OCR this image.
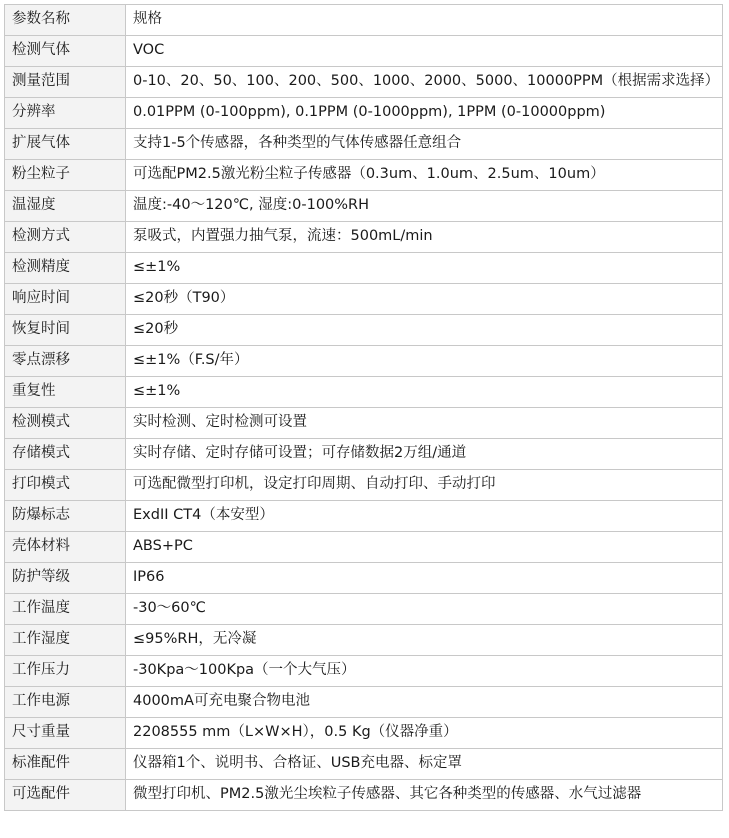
参数名称	规格
检测气体	VOC
测量范围	0-10、20、50、100、200、500、1000、2000、5000、10000PPM（根据需求选择）
分辨率	0.01PPM (0-100ppm), 0.1PPM (0-1000ppm), 1PPM (0-10000ppm)
扩展气体	支持1-5个传感器，各种类型的气体传感器任意组合
粉尘粒子	可选配PM2.5激光粉尘粒子传感器（0.3um、1.0um、2.5um、10um）
温湿度	温度:-40～120℃, 湿度:0-100%RH
检测方式	泵吸式，内置强力抽气泵，流速：500mL/min
检测精度	≤±1%
响应时间	≤20秒（T90）
恢复时间	≤20秒
零点漂移	≤±1%（F.S/年）
重复性	≤±1%
检测模式	实时检测、定时检测可设置
存储模式	实时存储、定时存储可设置；可存储数据2万组/通道
打印模式	可选配微型打印机，设定打印周期、自动打印、手动打印
防爆标志	ExdII CT4（本安型）
壳体材料	ABS+PC
防护等级	IP66
工作温度	-30～60℃
工作湿度	≤95%RH，无冷凝
工作压力	-30Kpa～100Kpa（一个大气压）
工作电源	4000mA可充电聚合物电池
尺寸重量	2208555 mm（L×W×H），0.5 Kg（仪器净重）
标准配件	仪器箱1个、说明书、合格证、USB充电器、标定罩
可选配件	微型打印机、PM2.5激光尘埃粒子传感器、其它各种类型的传感器、水气过滤器
